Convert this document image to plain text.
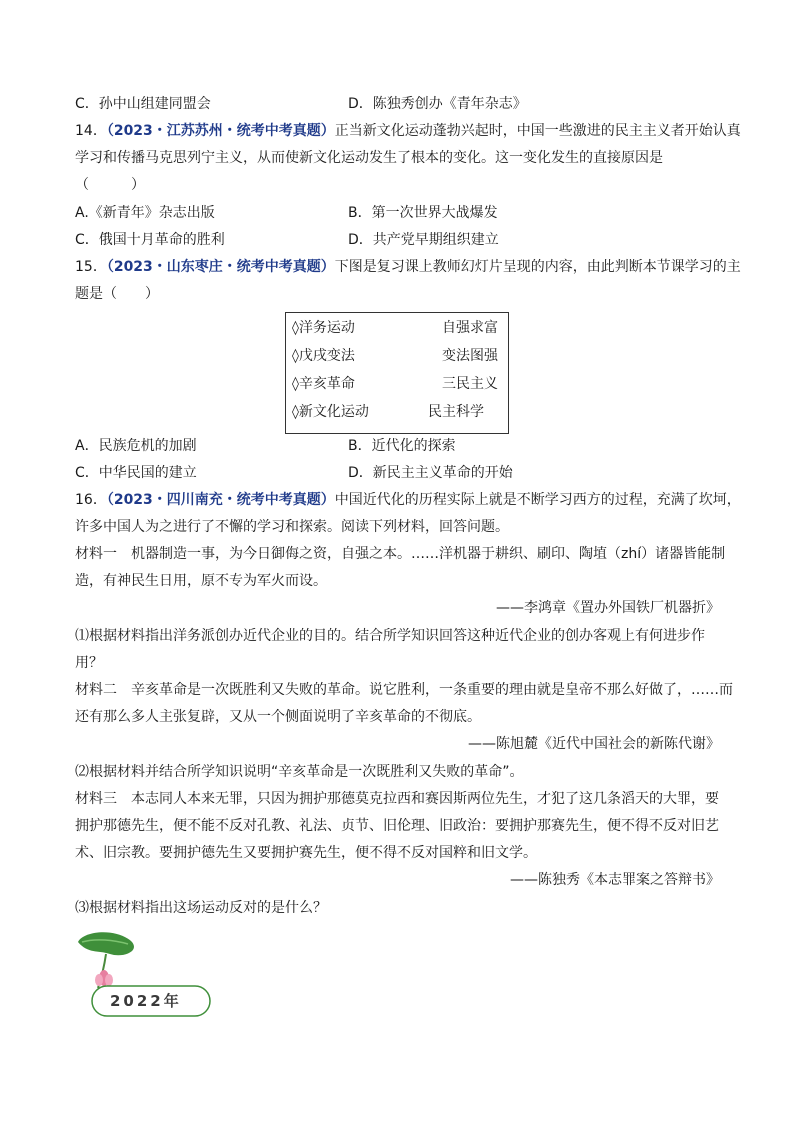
C．孙中山组建同盟会	D．陈独秀创办《青年杂志》
14．（2023・江苏苏州・统考中考真题）正当新文化运动蓬勃兴起时，中国一些激进的民主主义者开始认真
学习和传播马克思列宁主义，从而使新文化运动发生了根本的变化。这一变化发生的直接原因是
（　　　）
A.《新青年》杂志出版	B．第一次世界大战爆发
C．俄国十月革命的胜利	D．共产党早期组织建立
15．（2023・山东枣庄・统考中考真题）下图是复习课上教师幻灯片呈现的内容，由此判断本节课学习的主
题是（　　）
◊洋务运动	自强求富
◊戊戌变法	变法图强
◊辛亥革命	三民主义
◊新文化运动	民主科学
A．民族危机的加剧	B．近代化的探索
C．中华民国的建立	D．新民主主义革命的开始
16．（2023・四川南充・统考中考真题）中国近代化的历程实际上就是不断学习西方的过程，充满了坎坷，
许多中国人为之进行了不懈的学习和探索。阅读下列材料，回答问题。
材料一　机器制造一事，为今日御侮之资，自强之本。……洋机器于耕织、刷印、陶埴（zhí）诸器皆能制
造，有神民生日用，原不专为军火而设。
——李鸿章《置办外国铁厂机器折》
⑴根据材料指出洋务派创办近代企业的目的。结合所学知识回答这种近代企业的创办客观上有何进步作
用？
材料二　辛亥革命是一次既胜利又失败的革命。说它胜利，一条重要的理由就是皇帝不那么好做了，……而
还有那么多人主张复辟，又从一个侧面说明了辛亥革命的不彻底。
——陈旭麓《近代中国社会的新陈代谢》
⑵根据材料并结合所学知识说明“辛亥革命是一次既胜利又失败的革命”。
材料三　本志同人本来无罪，只因为拥护那德莫克拉西和赛因斯两位先生，才犯了这几条滔天的大罪，要
拥护那德先生，便不能不反对孔教、礼法、贞节、旧伦理、旧政治：要拥护那赛先生，便不得不反对旧艺
术、旧宗教。要拥护德先生又要拥护赛先生，便不得不反对国粹和旧文学。
——陈独秀《本志罪案之答辩书》
⑶根据材料指出这场运动反对的是什么？
2022年
